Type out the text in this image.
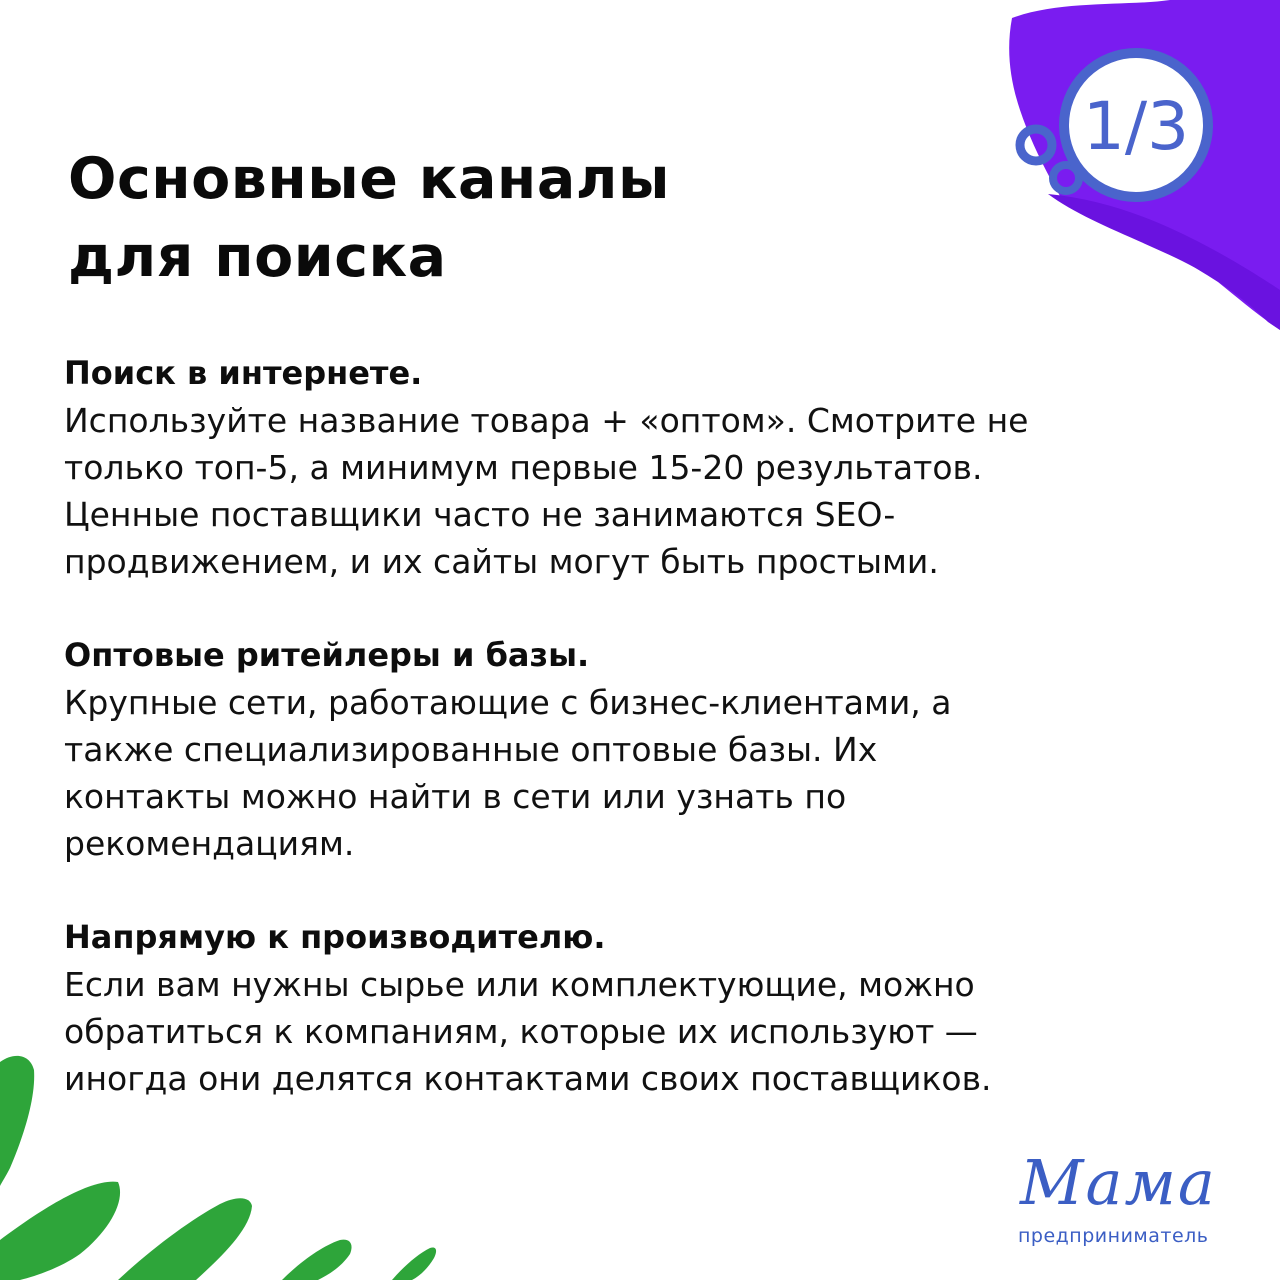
1/3
Основные каналы
для поиска
Поиск в интернете.

Используйте название товара + «оптом». Смотрите не
только топ-5, а минимум первые 15-20 результатов.
Ценные поставщики часто не занимаются SEO-
продвижением, и их сайты могут быть простыми.

Оптовые ритейлеры и базы.

Крупные сети, работающие с бизнес-клиентами, а
также специализированные оптовые базы. Их
контакты можно найти в сети или узнать по
рекомендациям.

Напрямую к производителю.

Если вам нужны сырье или комплектующие, можно
обратиться к компаниям, которые их используют —
иногда они делятся контактами своих поставщиков.

Мама
предприниматель
